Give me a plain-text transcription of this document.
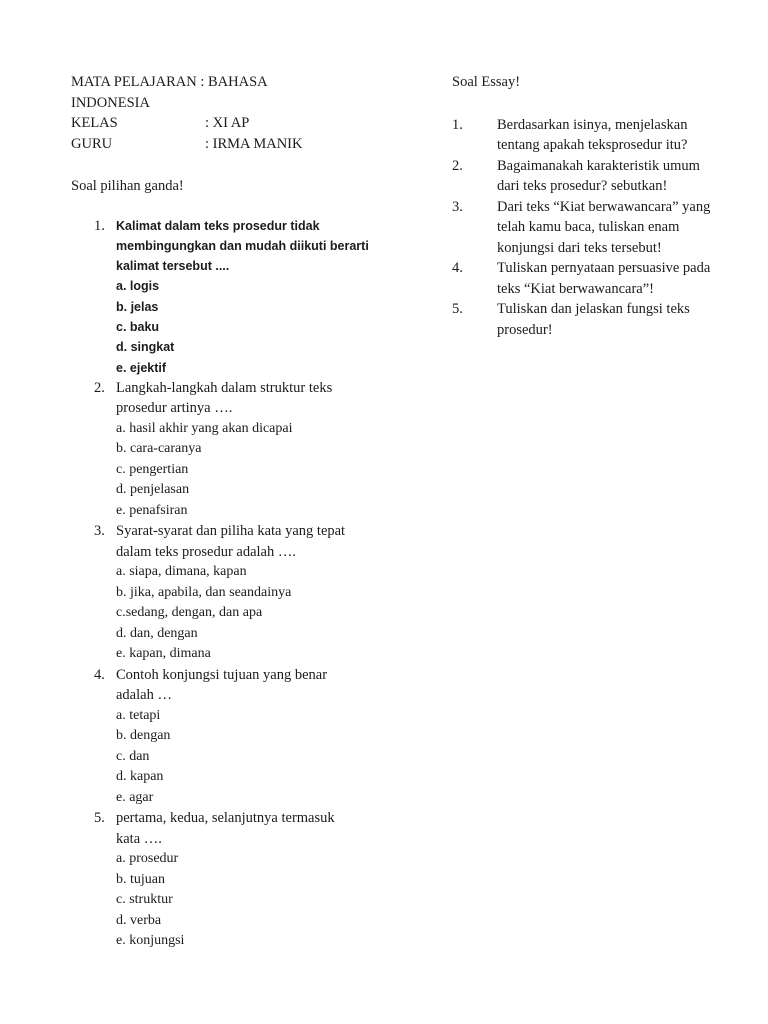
MATA PELAJARAN : BAHASA

INDONESIA

KELAS	: XI AP
GURU	: IRMA MANIK

Soal pilihan ganda!

1. Kalimat dalam teks prosedur tidak

membingungkan dan mudah diikuti berarti

kalimat tersebut ....

a. logis

b. jelas

c. baku

d. singkat

e. ejektif

2. Langkah-langkah dalam struktur teks

prosedur artinya ….

a. hasil akhir yang akan dicapai

b. cara-caranya

c. pengertian

d. penjelasan

e. penafsiran

3. Syarat-syarat dan piliha kata yang tepat

dalam teks prosedur adalah ….

a. siapa, dimana, kapan

b. jika, apabila, dan seandainya

c.sedang, dengan, dan apa

d. dan, dengan

e. kapan, dimana

4. Contoh konjungsi tujuan yang benar

adalah …

a. tetapi

b. dengan

c. dan

d. kapan

e. agar

5. pertama, kedua, selanjutnya termasuk

kata ….

a. prosedur

b. tujuan

c. struktur

d. verba

e. konjungsi

Soal Essay!

1. Berdasarkan isinya, menjelaskan

tentang apakah teksprosedur itu?

2. Bagaimanakah karakteristik umum

dari teks prosedur? sebutkan!

3. Dari teks “Kiat berwawancara” yang

telah kamu baca, tuliskan enam

konjungsi dari teks tersebut!

4. Tuliskan pernyataan persuasive pada

teks “Kiat berwawancara”!

5. Tuliskan dan jelaskan fungsi teks

prosedur!
